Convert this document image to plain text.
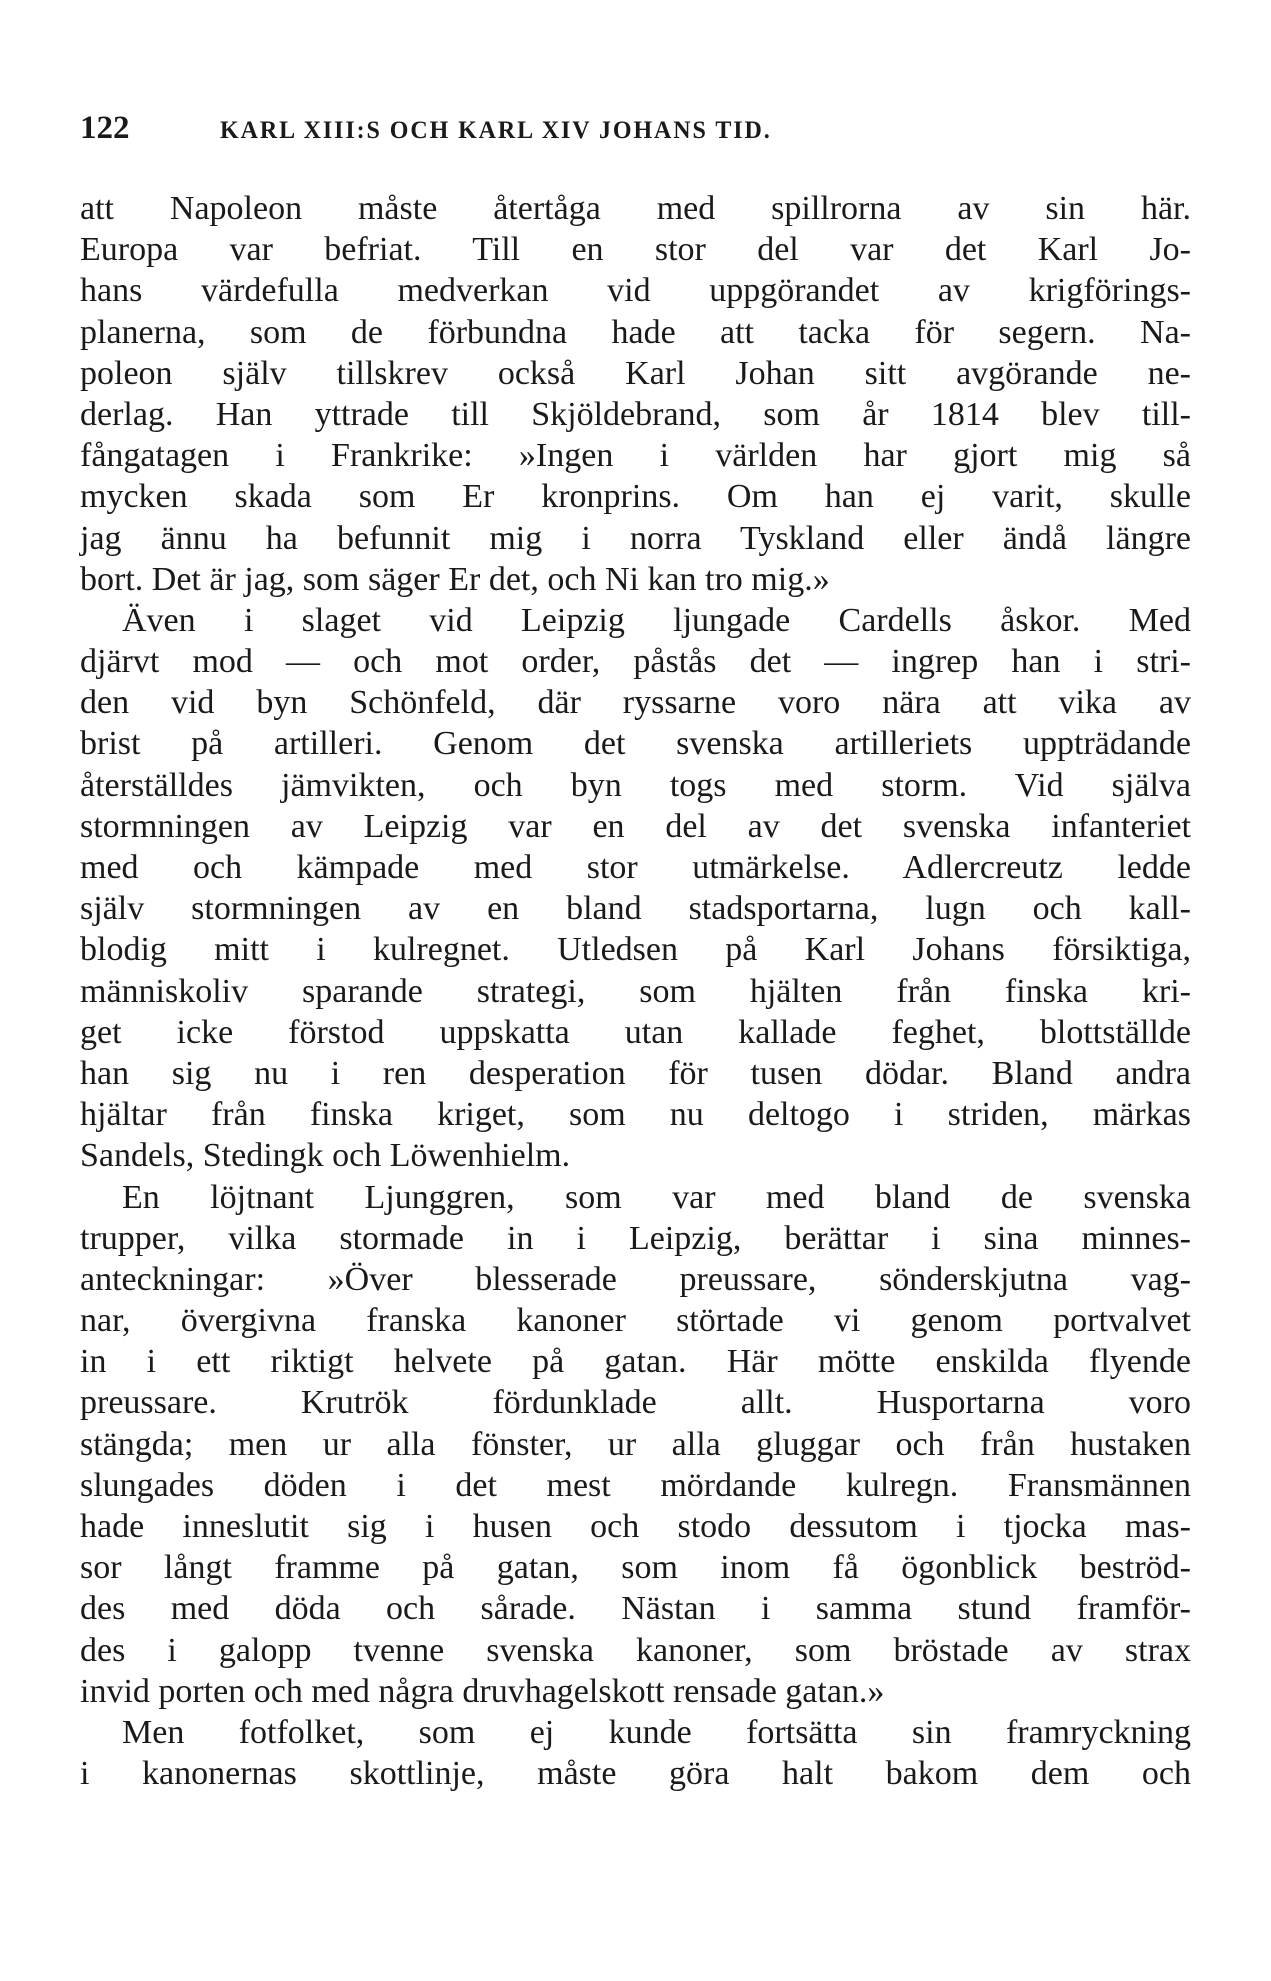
122	KARL XIII:S OCH KARL XIV JOHANS TID.
att Napoleon måste återtåga med spillrorna av sin här.
Europa var befriat. Till en stor del var det Karl Jo-
hans värdefulla medverkan vid uppgörandet av krigförings-
planerna, som de förbundna hade att tacka för segern. Na-
poleon själv tillskrev också Karl Johan sitt avgörande ne-
derlag. Han yttrade till Skjöldebrand, som år 1814 blev till-
fångatagen i Frankrike: »Ingen i världen har gjort mig så
mycken skada som Er kronprins. Om han ej varit, skulle
jag ännu ha befunnit mig i norra Tyskland eller ändå längre
bort. Det är jag, som säger Er det, och Ni kan tro mig.»
Även i slaget vid Leipzig ljungade Cardells åskor. Med
djärvt mod — och mot order, påstås det — ingrep han i stri-
den vid byn Schönfeld, där ryssarne voro nära att vika av
brist på artilleri. Genom det svenska artilleriets uppträdande
återställdes jämvikten, och byn togs med storm. Vid själva
stormningen av Leipzig var en del av det svenska infanteriet
med och kämpade med stor utmärkelse. Adlercreutz ledde
själv stormningen av en bland stadsportarna, lugn och kall-
blodig mitt i kulregnet. Utledsen på Karl Johans försiktiga,
människoliv sparande strategi, som hjälten från finska kri-
get icke förstod uppskatta utan kallade feghet, blottställde
han sig nu i ren desperation för tusen dödar. Bland andra
hjältar från finska kriget, som nu deltogo i striden, märkas
Sandels, Stedingk och Löwenhielm.
En löjtnant Ljunggren, som var med bland de svenska
trupper, vilka stormade in i Leipzig, berättar i sina minnes-
anteckningar: »Över blesserade preussare, sönderskjutna vag-
nar, övergivna franska kanoner störtade vi genom portvalvet
in i ett riktigt helvete på gatan. Här mötte enskilda flyende
preussare. Krutrök fördunklade allt. Husportarna voro
stängda; men ur alla fönster, ur alla gluggar och från hustaken
slungades döden i det mest mördande kulregn. Fransmännen
hade inneslutit sig i husen och stodo dessutom i tjocka mas-
sor långt framme på gatan, som inom få ögonblick beströd-
des med döda och sårade. Nästan i samma stund framför-
des i galopp tvenne svenska kanoner, som bröstade av strax
invid porten och med några druvhagelskott rensade gatan.»
Men fotfolket, som ej kunde fortsätta sin framryckning
i kanonernas skottlinje, måste göra halt bakom dem och
